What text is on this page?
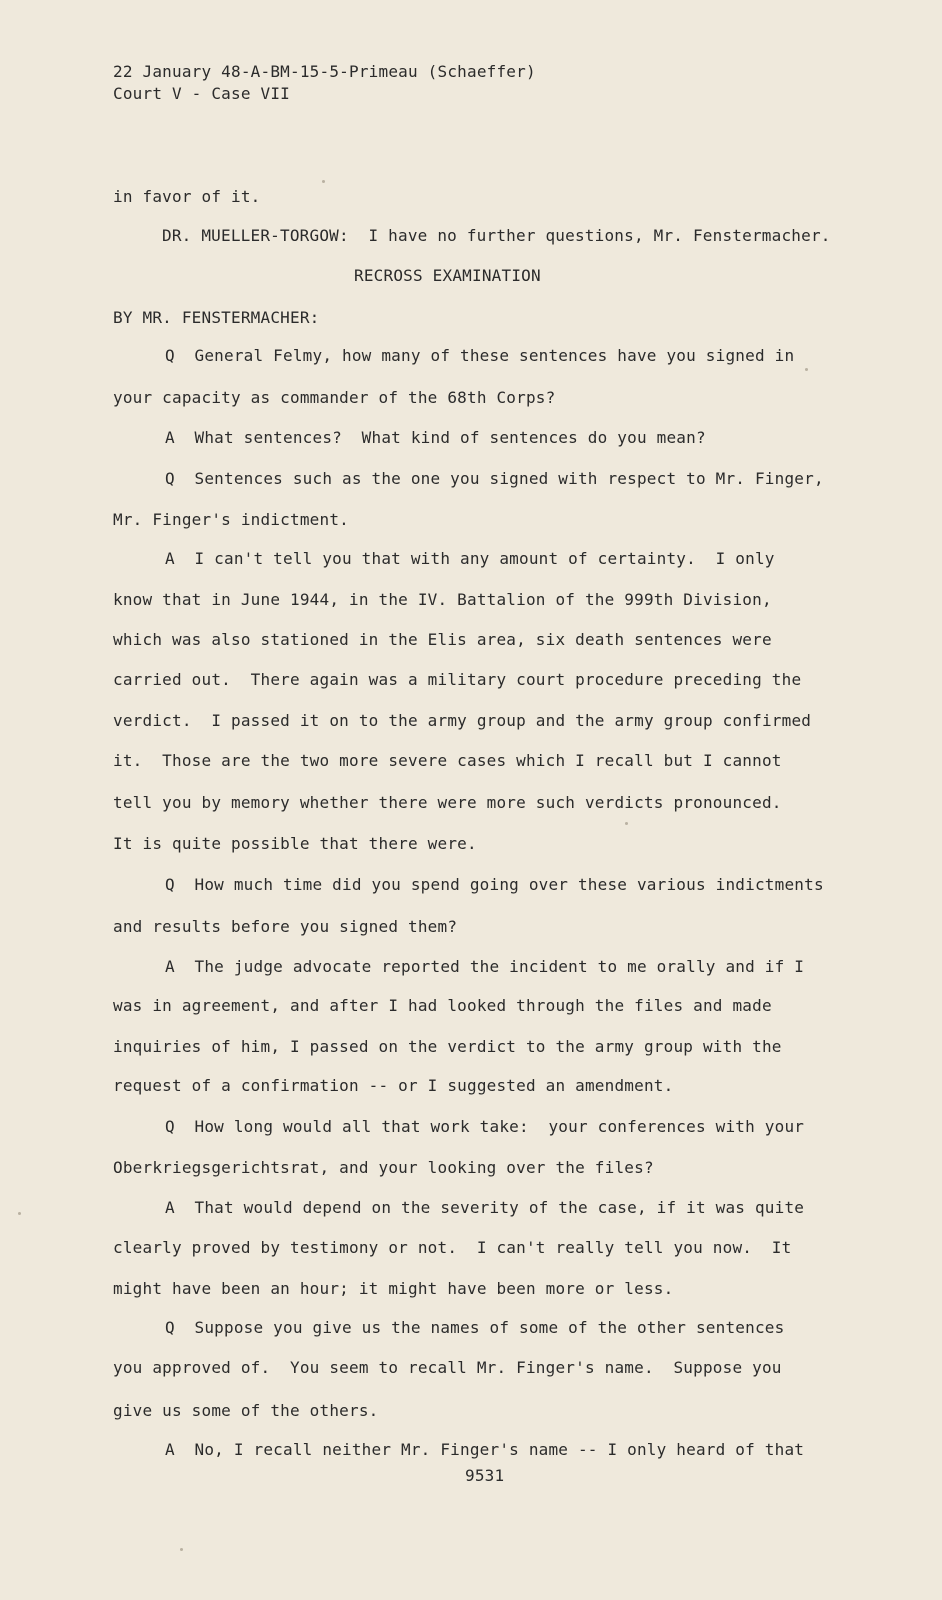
22 January 48-A-BM-15-5-Primeau (Schaeffer)
Court V - Case VII
in favor of it.
DR. MUELLER-TORGOW:  I have no further questions, Mr. Fenstermacher.
RECROSS EXAMINATION
BY MR. FENSTERMACHER:
Q  General Felmy, how many of these sentences have you signed in
your capacity as commander of the 68th Corps?
A  What sentences?  What kind of sentences do you mean?
Q  Sentences such as the one you signed with respect to Mr. Finger,
Mr. Finger's indictment.
A  I can't tell you that with any amount of certainty.  I only
know that in June 1944, in the IV. Battalion of the 999th Division,
which was also stationed in the Elis area, six death sentences were
carried out.  There again was a military court procedure preceding the
verdict.  I passed it on to the army group and the army group confirmed
it.  Those are the two more severe cases which I recall but I cannot
tell you by memory whether there were more such verdicts pronounced.
It is quite possible that there were.
Q  How much time did you spend going over these various indictments
and results before you signed them?
A  The judge advocate reported the incident to me orally and if I
was in agreement, and after I had looked through the files and made
inquiries of him, I passed on the verdict to the army group with the
request of a confirmation -- or I suggested an amendment.
Q  How long would all that work take:  your conferences with your
Oberkriegsgerichtsrat, and your looking over the files?
A  That would depend on the severity of the case, if it was quite
clearly proved by testimony or not.  I can't really tell you now.  It
might have been an hour; it might have been more or less.
Q  Suppose you give us the names of some of the other sentences
you approved of.  You seem to recall Mr. Finger's name.  Suppose you
give us some of the others.
A  No, I recall neither Mr. Finger's name -- I only heard of that
9531
